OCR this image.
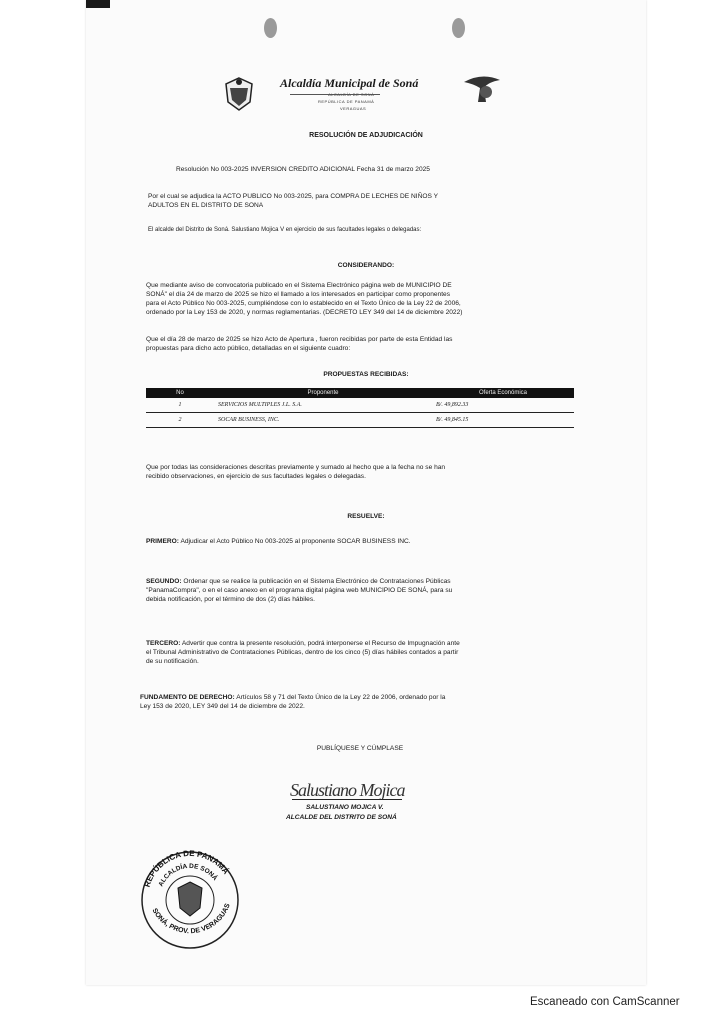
Alcaldía Municipal de Soná
ALCALDÍA DE SONÁ
REPÚBLICA DE PANAMÁ
VERAGUAS
RESOLUCIÓN DE ADJUDICACIÓN
Resolución No 003-2025 INVERSION CREDITO ADICIONAL Fecha 31 de marzo 2025
Por el cual se adjudica la ACTO PUBLICO No 003-2025, para COMPRA DE LECHES DE NIÑOS Y
ADULTOS EN EL DISTRITO DE SONA
El alcalde del Distrito de Soná. Salustiano Mojica V en ejercicio de sus facultades legales o delegadas:
CONSIDERANDO:
Que mediante aviso de convocatoria publicado en el Sistema Electrónico página web de MUNICIPIO DE
SONÁ" el día 24 de marzo de 2025 se hizo el llamado a los interesados en participar como proponentes
para el Acto Público No 003-2025, cumpliéndose con lo establecido en el Texto Único de la Ley 22 de 2006,
ordenado por la Ley 153 de 2020, y normas reglamentarias. (DECRETO LEY 349 del 14 de diciembre 2022)
Que el día 28 de marzo de 2025 se hizo Acto de Apertura , fueron recibidas por parte de esta Entidad las
propuestas para dicho acto público, detalladas en el siguiente cuadro:
PROPUESTAS RECIBIDAS:
No	Proponente	Oferta Económica
1	SERVICIOS MULTIPLES J.L. S.A.	B/. 49,892.33
2	SOCAR BUSINESS, INC.	B/. 49,845.15
Que por todas las consideraciones descritas previamente y sumado al hecho que a la fecha no se han
recibido observaciones, en ejercicio de sus facultades legales o delegadas.
RESUELVE:
PRIMERO: Adjudicar el Acto Público No 003-2025 al proponente SOCAR BUSINESS INC.
SEGUNDO: Ordenar que se realice la publicación en el Sistema Electrónico de Contrataciones Públicas
"PanamaCompra", o en el caso anexo en el programa digital página web MUNICIPIO DE SONÁ, para su
debida notificación, por el término de dos (2) días hábiles.
TERCERO: Advertir que contra la presente resolución, podrá interponerse el Recurso de Impugnación ante
el Tribunal Administrativo de Contrataciones Públicas, dentro de los cinco (5) días hábiles contados a partir
de su notificación.
FUNDAMENTO DE DERECHO: Artículos 58 y 71 del Texto Único de la Ley 22 de 2006, ordenado por la
Ley 153 de 2020, LEY 349 del 14 de diciembre de 2022.
PUBLÍQUESE Y CÚMPLASE
Salustiano Mojica
SALUSTIANO MOJICA V.
ALCALDE DEL DISTRITO DE SONÁ
REPÚBLICA DE PANAMÁ
ALCALDÍA DE SONÁ
SONÁ, PROV. DE VERAGUAS
Escaneado con CamScanner
